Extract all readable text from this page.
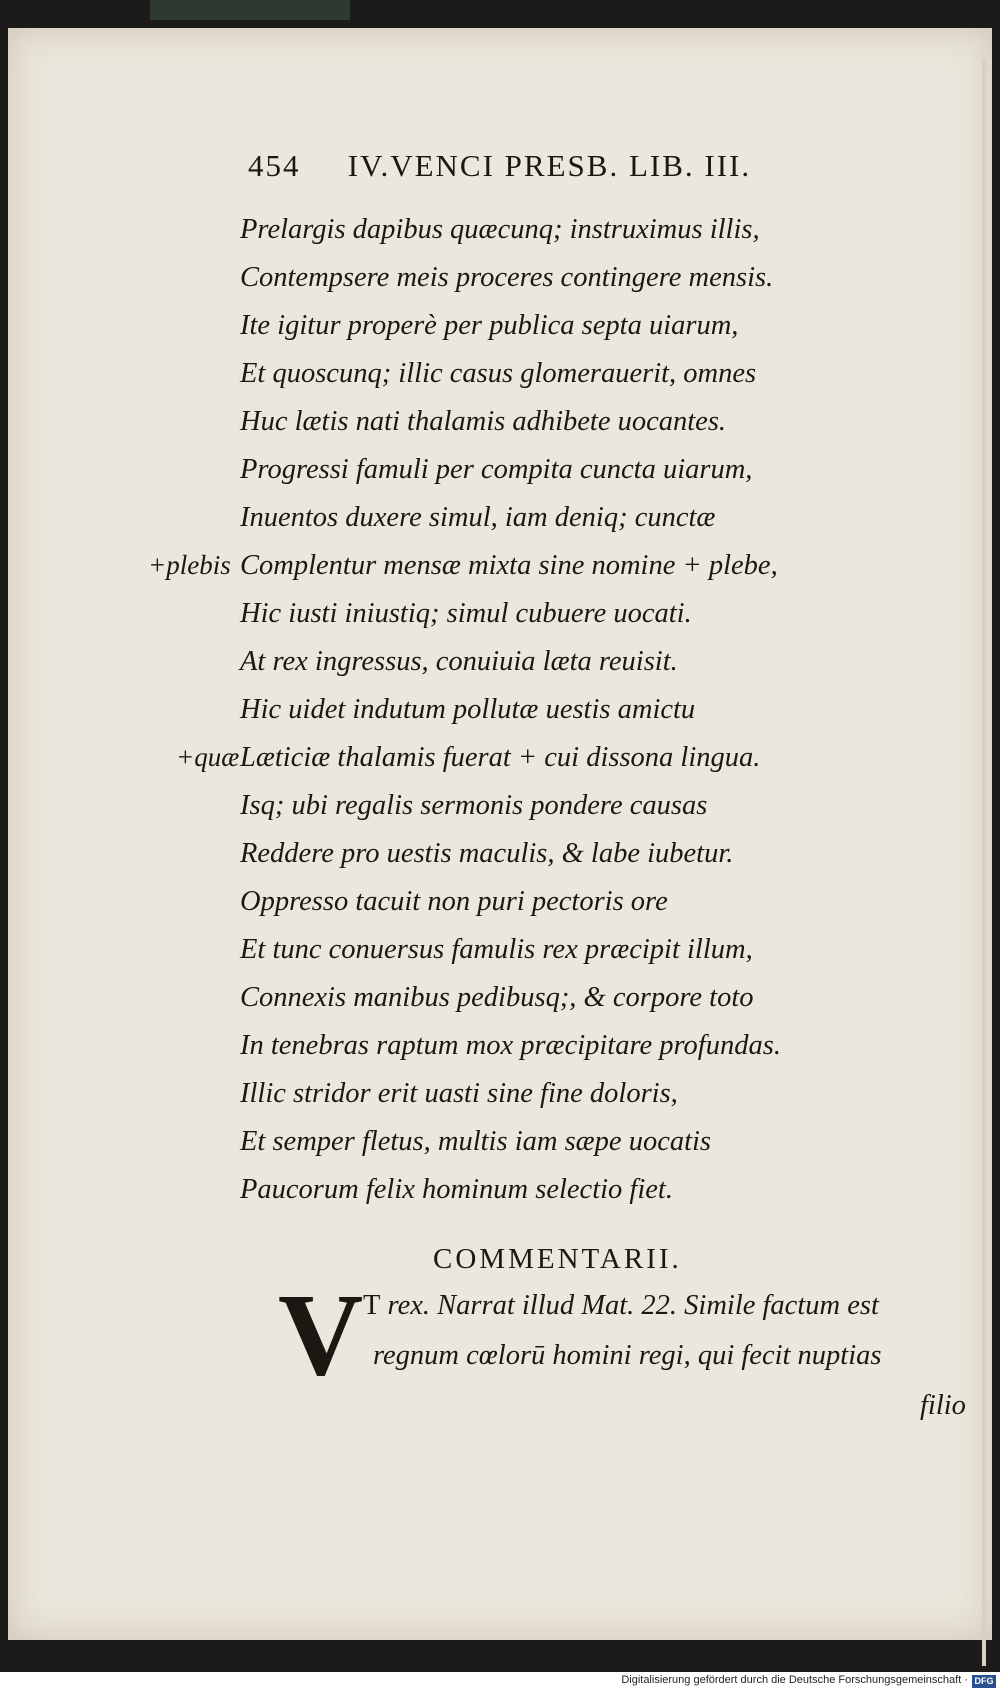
454 IV.VENCI PRESB. LIB. III.
Prelargis dapibus quæcunq; instruximus illis,
Contempsere meis proceres contingere mensis.
Ite igitur properè per publica septa uiarum,
Et quoscunq; illic casus glomerauerit, omnes
Huc lætis nati thalamis adhibete uocantes.
Progressi famuli per compita cuncta uiarum,
Inuentos duxere simul, iam deniq; cunctæ
Complentur mensæ mixta sine nomine + plebe,
Hic iusti iniustiq; simul cubuere uocati.
At rex ingressus, conuiuia læta reuisit.
Hic uidet indutum pollutæ uestis amictu
Læticiæ thalamis fuerat + cui dissona lingua.
Isq; ubi regalis sermonis pondere causas
Reddere pro uestis maculis, & labe iubetur.
Oppresso tacuit non puri pectoris ore
Et tunc conuersus famulis rex præcipit illum,
Connexis manibus pedibusq;, & corpore toto
In tenebras raptum mox præcipitare profundas.
Illic stridor erit uasti sine fine doloris,
Et semper fletus, multis iam sæpe uocatis
Paucorum felix hominum selectio fiet.
+plebis
+quæ
COMMENTARII.
V T rex. Narrat illud Mat. 22. Simile factum est
regnum cœlorū homini regi, qui fecit nuptias
filio
Digitalisierung gefördert durch die Deutsche Forschungsgemeinschaft · DFG
